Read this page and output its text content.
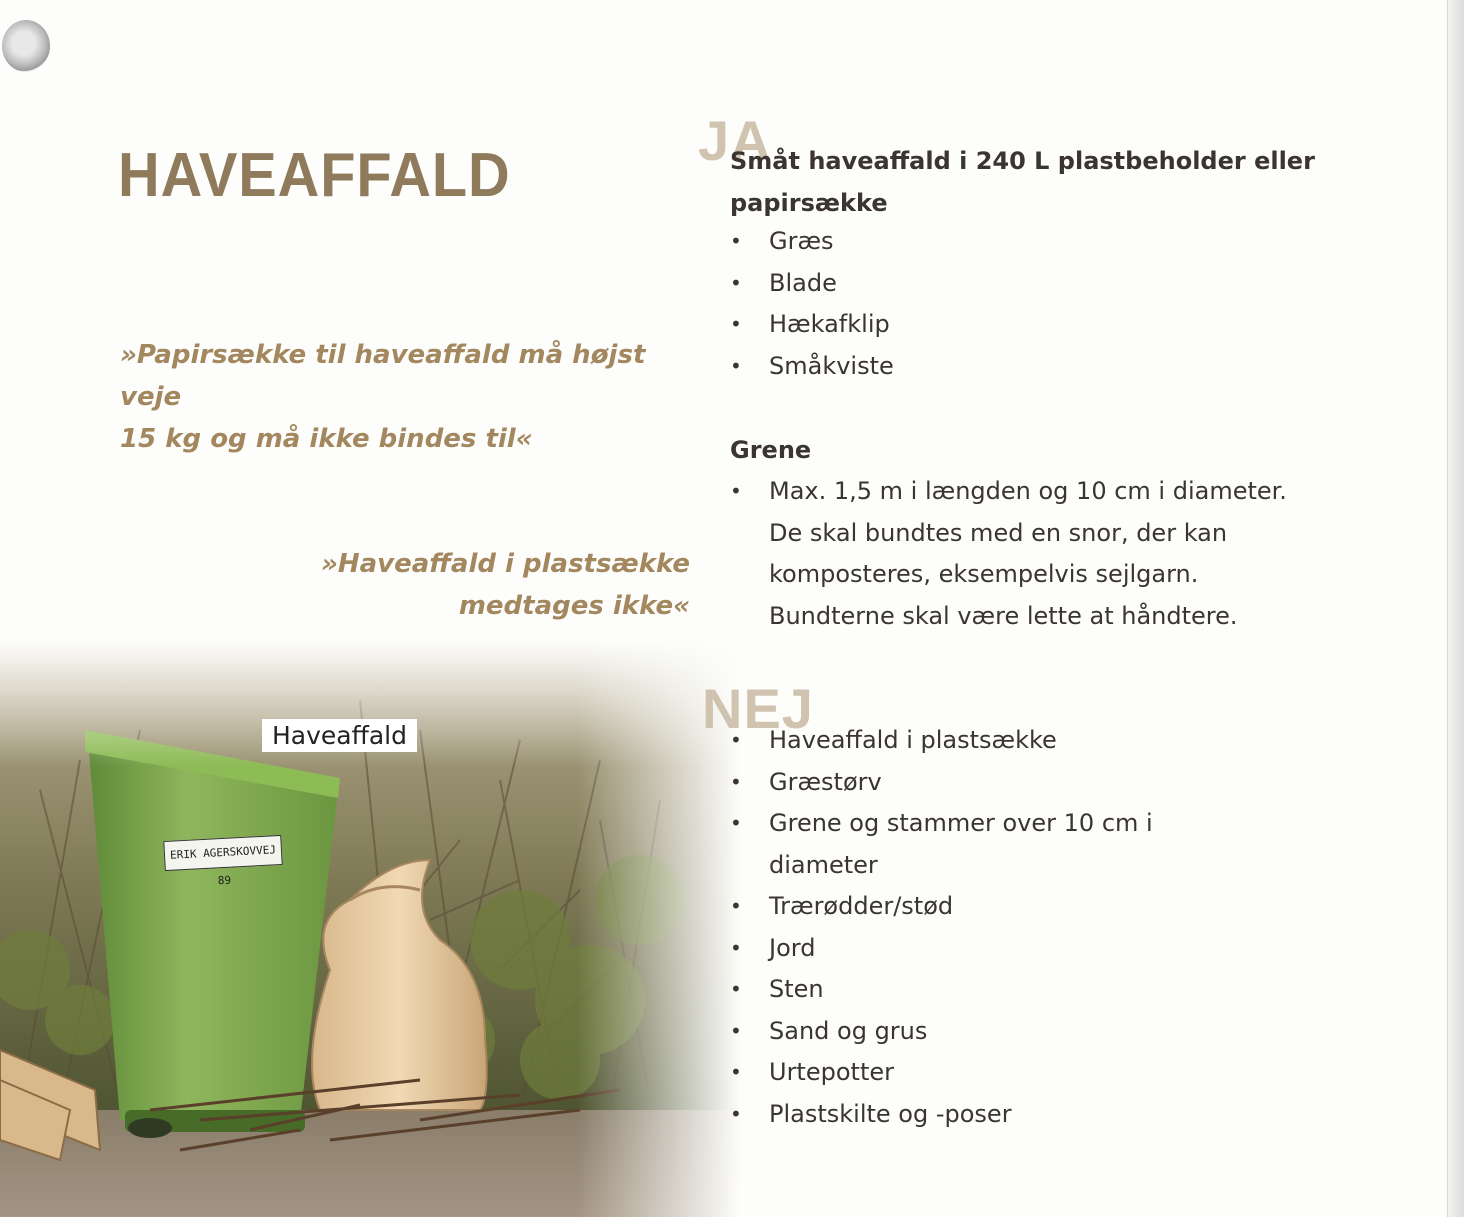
HAVEAFFALD
»Papirsække til haveaffald må højst veje
15 kg og må ikke bindes til«
»Haveaffald i plastsække
medtages ikke«
Haveaffald
ERIK AGERSKOVVEJ 89
JA

Småt haveaffald i 240 L plastbeholder eller papirsække

• Græs
• Blade
• Hækafklip
• Småkviste

Grene

• Max. 1,5 m i længden og 10 cm i diameter. De skal bundtes med en snor, der kan komposteres, eksempelvis sejlgarn. Bundterne skal være lette at håndtere.
NEJ
• Haveaffald i plastsække
• Græstørv
• Grene og stammer over 10 cm i diameter
• Trærødder/stød
• Jord
• Sten
• Sand og grus
• Urtepotter
• Plastskilte og -poser
